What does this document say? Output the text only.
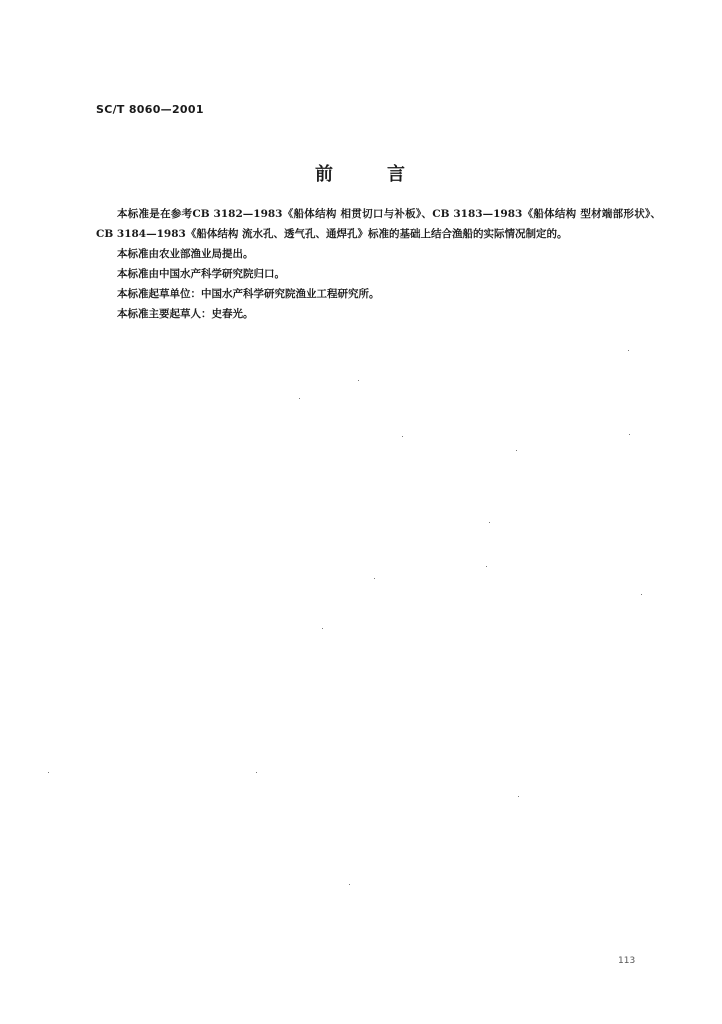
SC/T 8060—2001
前	言

本标准是在参考CB 3182—1983《船体结构 相贯切口与补板》、CB 3183—1983《船体结构 型材端部形状》、CB 3184—1983《船体结构 流水孔、透气孔、通焊孔》标准的基础上结合渔船的实际情况制定的。

本标准由农业部渔业局提出。

本标准由中国水产科学研究院归口。

本标准起草单位：中国水产科学研究院渔业工程研究所。

本标准主要起草人：史春光。

113
